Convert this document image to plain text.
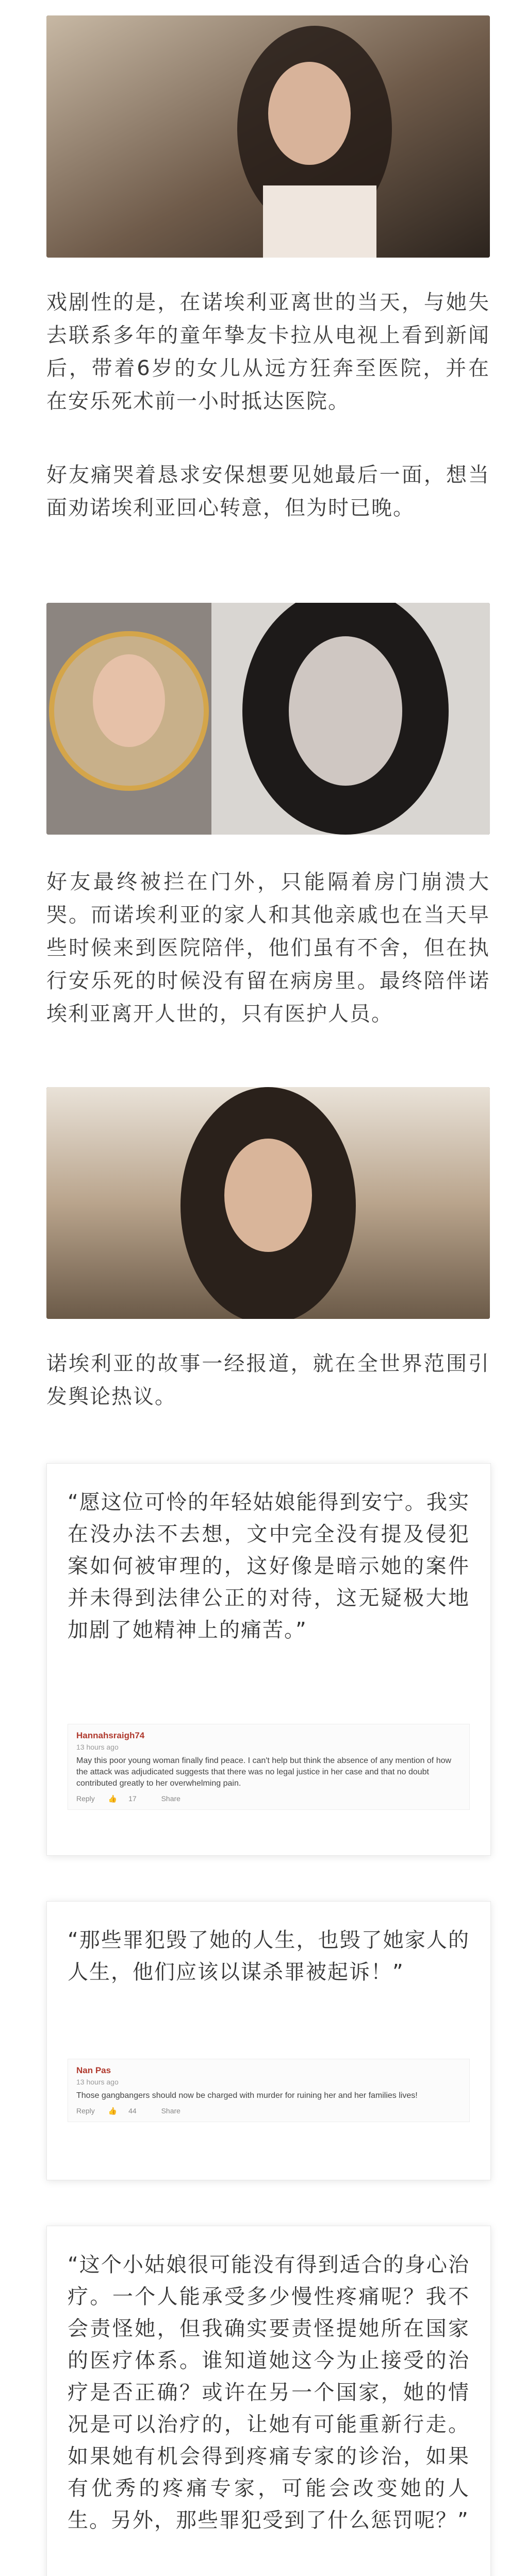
戏剧性的是，在诺埃利亚离世的当天，与她失去联系多年的童年挚友卡拉从电视上看到新闻后，带着6岁的女儿从远方狂奔至医院，并在在安乐死术前一小时抵达医院。

好友痛哭着恳求安保想要见她最后一面，想当面劝诺埃利亚回心转意，但为时已晚。

好友最终被拦在门外，只能隔着房门崩溃大哭。而诺埃利亚的家人和其他亲戚也在当天早些时候来到医院陪伴，他们虽有不舍，但在执行安乐死的时候没有留在病房里。最终陪伴诺埃利亚离开人世的，只有医护人员。

诺埃利亚的故事一经报道，就在全世界范围引发舆论热议。

“愿这位可怜的年轻姑娘能得到安宁。我实在没办法不去想，文中完全没有提及侵犯案如何被审理的，这好像是暗示她的案件并未得到法律公正的对待，这无疑极大地加剧了她精神上的痛苦。”

Hannahsraigh74
13 hours ago
May this poor young woman finally find peace. I can't help but think the absence of any mention of how the attack was adjudicated suggests that there was no legal justice in her case and that no doubt contributed greatly to her overwhelming pain.
Reply 👍 17	Share

“那些罪犯毁了她的人生，也毁了她家人的人生，他们应该以谋杀罪被起诉！”

Nan Pas
13 hours ago
Those gangbangers should now be charged with murder for ruining her and her families lives!
Reply 👍 44	Share

“这个小姑娘很可能没有得到适合的身心治疗。一个人能承受多少慢性疼痛呢？我不会责怪她，但我确实要责怪提她所在国家的医疗体系。谁知道她这今为止接受的治疗是否正确？或许在另一个国家，她的情况是可以治疗的，让她有可能重新行走。如果她有机会得到疼痛专家的诊治，如果有优秀的疼痛专家，可能会改变她的人生。另外，那些罪犯受到了什么惩罚呢？”
